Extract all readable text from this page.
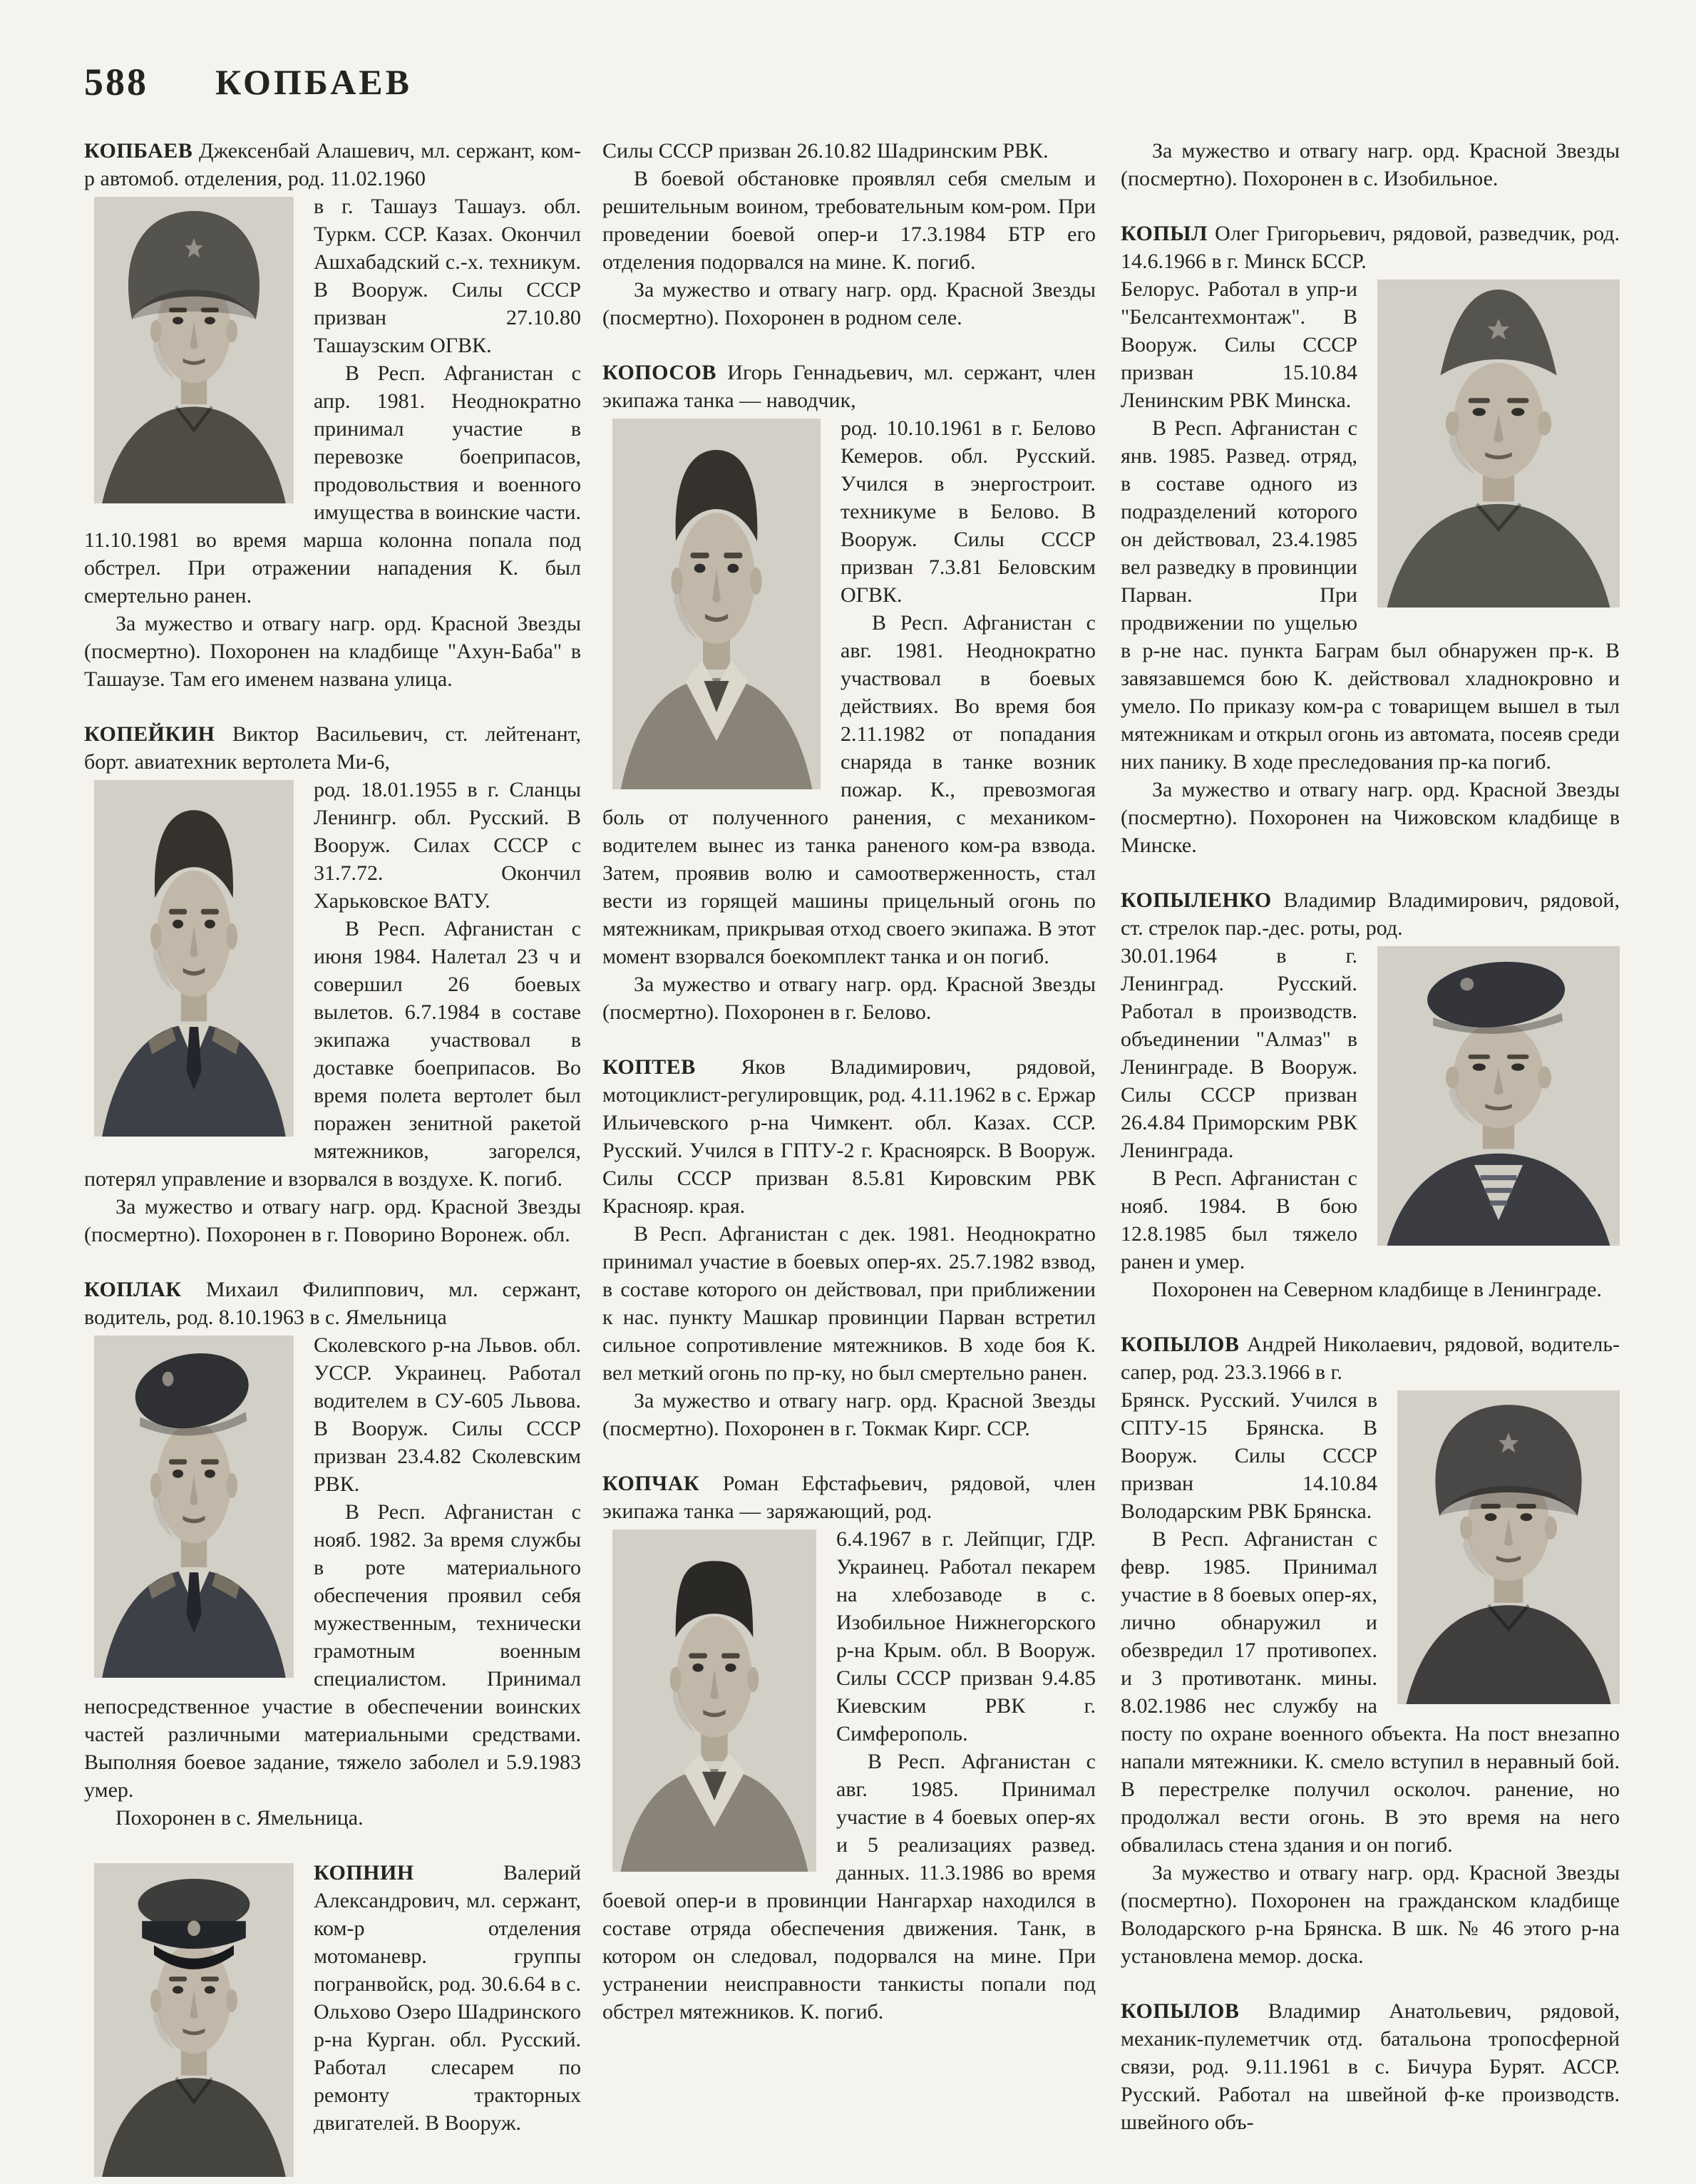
588 КОПБАЕВ

КОПБАЕВ Джексенбай Алашевич, мл. сержант, ком-р автомоб. отделения, род. 11.02.1960

в г. Ташауз Ташауз. обл. Туркм. ССР. Казах. Окончил Ашхабадский с.-х. техникум. В Вооруж. Силы СССР призван 27.10.80 Ташаузским ОГВК.

В Респ. Афганистан с апр. 1981. Неоднократно принимал участие в перевозке боеприпасов, продовольствия и военного имущества в воинские части. 11.10.1981 во время марша колонна попала под обстрел. При отражении нападения К. был смертельно ранен.

За мужество и отвагу нагр. орд. Красной Звезды (посмертно). Похоронен на кладбище "Ахун-Баба" в Ташаузе. Там его именем названа улица.

КОПЕЙКИН Виктор Васильевич, ст. лейтенант, борт. авиатехник вертолета Ми-6,

род. 18.01.1955 в г. Сланцы Ленингр. обл. Русский. В Вооруж. Силах СССР с 31.7.72. Окончил Харьковское ВАТУ.

В Респ. Афганистан с июня 1984. Налетал 23 ч и совершил 26 боевых вылетов. 6.7.1984 в составе экипажа участвовал в доставке боеприпасов. Во время полета вертолет был поражен зенитной ракетой мятежников, загорелся, потерял управление и взорвался в воздухе. К. погиб.

За мужество и отвагу нагр. орд. Красной Звезды (посмертно). Похоронен в г. Поворино Воронеж. обл.

КОПЛАК Михаил Филиппович, мл. сержант, водитель, род. 8.10.1963 в с. Ямельница

Сколевского р-на Львов. обл. УССР. Украинец. Работал водителем в СУ-605 Львова. В Вооруж. Силы СССР призван 23.4.82 Сколевским РВК.

В Респ. Афганистан с нояб. 1982. За время службы в роте материального обеспечения проявил себя мужественным, технически грамотным военным специалистом. Принимал непосредственное участие в обеспечении воинских частей различными материальными средствами. Выполняя боевое задание, тяжело заболел и 5.9.1983 умер.

Похоронен в с. Ямельница.

КОПНИН Валерий Александрович, мл. сержант, ком-р отделения мотоманевр. группы погранвойск, род. 30.6.64 в с. Ольхово Озеро Шадринского р-на Курган. обл. Русский. Работал слесарем по ремонту тракторных двигателей. В Вооруж.

Силы СССР призван 26.10.82 Шадринским РВК.

В боевой обстановке проявлял себя смелым и решительным воином, требовательным ком-ром. При проведении боевой опер-и 17.3.1984 БТР его отделения подорвался на мине. К. погиб.

За мужество и отвагу нагр. орд. Красной Звезды (посмертно). Похоронен в родном селе.

КОПОСОВ Игорь Геннадьевич, мл. сержант, член экипажа танка — наводчик,

род. 10.10.1961 в г. Белово Кемеров. обл. Русский. Учился в энергостроит. техникуме в Белово. В Вооруж. Силы СССР призван 7.3.81 Беловским ОГВК.

В Респ. Афганистан с авг. 1981. Неоднократно участвовал в боевых действиях. Во время боя 2.11.1982 от попадания снаряда в танке возник пожар. К., превозмогая боль от полученного ранения, с механиком-водителем вынес из танка раненого ком-ра взвода. Затем, проявив волю и самоотверженность, стал вести из горящей машины прицельный огонь по мятежникам, прикрывая отход своего экипажа. В этот момент взорвался боекомплект танка и он погиб.

За мужество и отвагу нагр. орд. Красной Звезды (посмертно). Похоронен в г. Белово.

КОПТЕВ Яков Владимирович, рядовой, мотоциклист-регулировщик, род. 4.11.1962 в с. Ержар Ильичевского р-на Чимкент. обл. Казах. ССР. Русский. Учился в ГПТУ-2 г. Красноярск. В Вооруж. Силы СССР призван 8.5.81 Кировским РВК Краснояр. края.

В Респ. Афганистан с дек. 1981. Неоднократно принимал участие в боевых опер-ях. 25.7.1982 взвод, в составе которого он действовал, при приближении к нас. пункту Машкар провинции Парван встретил сильное сопротивление мятежников. В ходе боя К. вел меткий огонь по пр-ку, но был смертельно ранен.

За мужество и отвагу нагр. орд. Красной Звезды (посмертно). Похоронен в г. Токмак Кирг. ССР.

КОПЧАК Роман Ефстафьевич, рядовой, член экипажа танка — заряжающий, род.

6.4.1967 в г. Лейпциг, ГДР. Украинец. Работал пекарем на хлебозаводе в с. Изобильное Нижнегорского р-на Крым. обл. В Вооруж. Силы СССР призван 9.4.85 Киевским РВК г. Симферополь.

В Респ. Афганистан с авг. 1985. Принимал участие в 4 боевых опер-ях и 5 реализациях развед. данных. 11.3.1986 во время боевой опер-и в провинции Нангархар находился в составе отряда обеспечения движения. Танк, в котором он следовал, подорвался на мине. При устранении неисправности танкисты попали под обстрел мятежников. К. погиб.

За мужество и отвагу нагр. орд. Красной Звезды (посмертно). Похоронен в с. Изобильное.

КОПЫЛ Олег Григорьевич, рядовой, разведчик, род. 14.6.1966 в г. Минск БССР.

Белорус. Работал в упр-и "Белсантехмонтаж". В Вооруж. Силы СССР призван 15.10.84 Ленинским РВК Минска.

В Респ. Афганистан с янв. 1985. Развед. отряд, в составе одного из подразделений которого он действовал, 23.4.1985 вел разведку в провинции Парван. При продвижении по ущелью в р-не нас. пункта Баграм был обнаружен пр-к. В завязавшемся бою К. действовал хладнокровно и умело. По приказу ком-ра с товарищем вышел в тыл мятежникам и открыл огонь из автомата, посеяв среди них панику. В ходе преследования пр-ка погиб.

За мужество и отвагу нагр. орд. Красной Звезды (посмертно). Похоронен на Чижовском кладбище в Минске.

КОПЫЛЕНКО Владимир Владимирович, рядовой, ст. стрелок пар.-дес. роты, род.

30.01.1964 в г. Ленинград. Русский. Работал в производств. объединении "Алмаз" в Ленинграде. В Вооруж. Силы СССР призван 26.4.84 Приморским РВК Ленинграда.

В Респ. Афганистан с нояб. 1984. В бою 12.8.1985 был тяжело ранен и умер.

Похоронен на Северном кладбище в Ленинграде.

КОПЫЛОВ Андрей Николаевич, рядовой, водитель-сапер, род. 23.3.1966 в г.

Брянск. Русский. Учился в СПТУ-15 Брянска. В Вооруж. Силы СССР призван 14.10.84 Володарским РВК Брянска.

В Респ. Афганистан с февр. 1985. Принимал участие в 8 боевых опер-ях, лично обнаружил и обезвредил 17 противопех. и 3 противотанк. мины. 8.02.1986 нес службу на посту по охране военного объекта. На пост внезапно напали мятежники. К. смело вступил в неравный бой. В перестрелке получил осколоч. ранение, но продолжал вести огонь. В это время на него обвалилась стена здания и он погиб.

За мужество и отвагу нагр. орд. Красной Звезды (посмертно). Похоронен на гражданском кладбище Володарского р-на Брянска. В шк. № 46 этого р-на установлена мемор. доска.

КОПЫЛОВ Владимир Анатольевич, рядовой, механик-пулеметчик отд. батальона тропосферной связи, род. 9.11.1961 в с. Бичура Бурят. АССР. Русский. Работал на швейной ф-ке производств. швейного объ-
